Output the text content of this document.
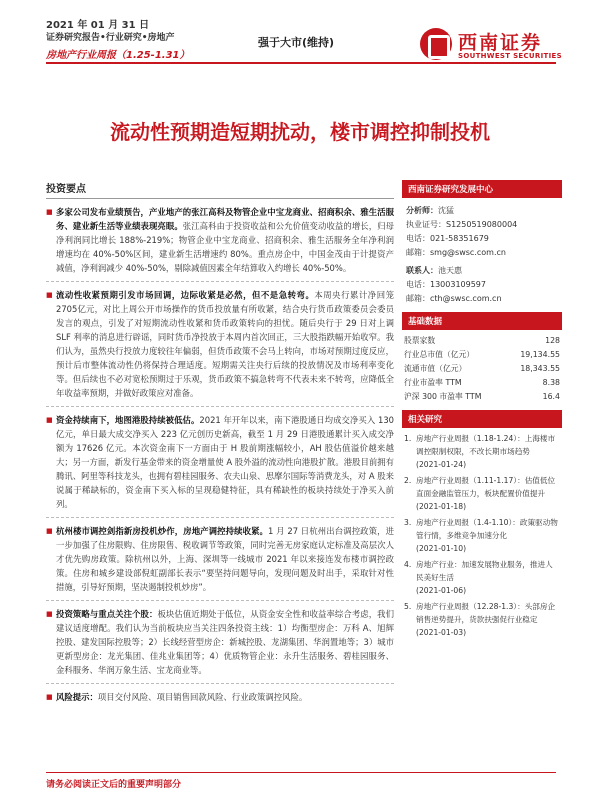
2021 年 01 月 31 日
证券研究报告•行业研究•房地产
房地产行业周报（1.25-1.31）
强于大市(维持)	西南证券
SOUTHWEST SECURITIES
流动性预期造短期扰动，楼市调控抑制投机
投资要点
■ 多家公司发布业绩预告，产业地产的张江高科及物管企业中宝龙商业、招商积余、雅生活服务、建业新生活等业绩表现亮眼。张江高科由于投资收益和公允价值变动收益的增长，归母净利润同比增长 188%-219%；物管企业中宝龙商业、招商积余、雅生活服务全年净利润增速均在 40%-50%区间，建业新生活增速约 80%。重点房企中，中国金茂由于计提资产减值，净利润减少 40%-50%，剔除减值因素全年结算收入约增长 40%-50%。
■ 流动性收紧预期引发市场回调，边际收紧是必然，但不是急转弯。本周央行累计净回笼 2705亿元，对比上周公开市场操作的货币投放量有所收紧，结合央行货币政策委员会委员发言的观点，引发了对短期流动性收紧和货币政策转向的担忧。随后央行于 29 日对上调 SLF 利率的消息进行辟谣，同时货币净投放于本周内首次回正，三大股指跌幅开始收窄。我们认为，虽然央行投放力度较往年偏弱，但货币政策不会马上转向，市场对预期过度反应，预计后市整体流动性仍将保持合理适度。短期需关注央行后续的投放情况及市场利率变化等。但后续也不必对宽松预期过于乐观，货币政策不搞急转弯不代表未来不转弯，应降低全年收益率预期，并做好政策应对准备。
■ 资金持续南下，地图港股持续被低估。2021 年开年以来，南下港股通日均成交净买入 130 亿元，单日最大成交净买入 223 亿元创历史新高，截至 1 月 29 日港股通累计买入成交净额为 17626 亿元。本次资金南下一方面由于 H 股前期涨幅较小，AH 股估值溢价越来越大；另一方面，新发行基金带来的资金增量使 A 股外溢的流动性向港股扩散。港股目前拥有腾讯、阿里等科技龙头，也拥有碧桂园服务、农夫山泉、思摩尔国际等消费龙头，对 A 股来说属于稀缺标的，资金南下买入标的呈现稳健特征，具有稀缺性的板块持续处于净买入前列。
■ 杭州楼市调控剑指新房投机炒作，房地产调控持续收紧。1 月 27 日杭州出台调控政策，进一步加强了住房限购、住房限售、税收调节等政策，同时完善无房家庭认定标准及高层次人才优先购房政策。除杭州以外，上海、深圳等一线城市 2021 年以来接连发布楼市调控政策。住房和城乡建设部倪虹副部长表示“要坚持问题导向，发现问题及时出手，采取针对性措施，引导好预期，坚决遏制投机炒房”。
■ 投资策略与重点关注个股：板块估值近期处于低位，从资金安全性和收益率综合考虑，我们建议适度增配。我们认为当前板块应当关注四条投资主线：1）均衡型房企：万科 A、旭辉控股、建发国际控股等；2）长线经营型房企：新城控股、龙湖集团、华润置地等；3）城市更新型房企：龙光集团、佳兆业集团等；4）优质物管企业：永升生活服务、碧桂园服务、金科服务、华润万象生活、宝龙商业等。
■ 风险提示：项目交付风险、项目销售回款风险、行业政策调控风险。
西南证券研究发展中心
分析师：沈猛
执业证号：S1250519080004
电话：021-58351679
邮箱：smg@swsc.com.cn
联系人：池天惠
电话：13003109597
邮箱：cth@swsc.com.cn
基础数据
股票家数	128
行业总市值（亿元）	19,134.55
流通市值（亿元）	18,343.55
行业市盈率 TTM	8.38
沪深 300 市盈率 TTM	16.4
相关研究
1. 房地产行业周报（1.18-1.24）：上海楼市调控限制权限，不改长期市场趋势
(2021-01-24)
2. 房地产行业周报（1.11-1.17）：估值低位直面金融监管压力，板块配置价值提升
(2021-01-18)
3. 房地产行业周报（1.4-1.10）：政策驱动物管行情，多维竞争加速分化
(2021-01-10)
4. 房地产行业：加速发展物业服务，推进人民美好生活
(2021-01-06)
5. 房地产行业周报（12.28-1.3）：头部房企销售逆势提升，货款扶强促行业稳定
(2021-01-03)
请务必阅读正文后的重要声明部分
